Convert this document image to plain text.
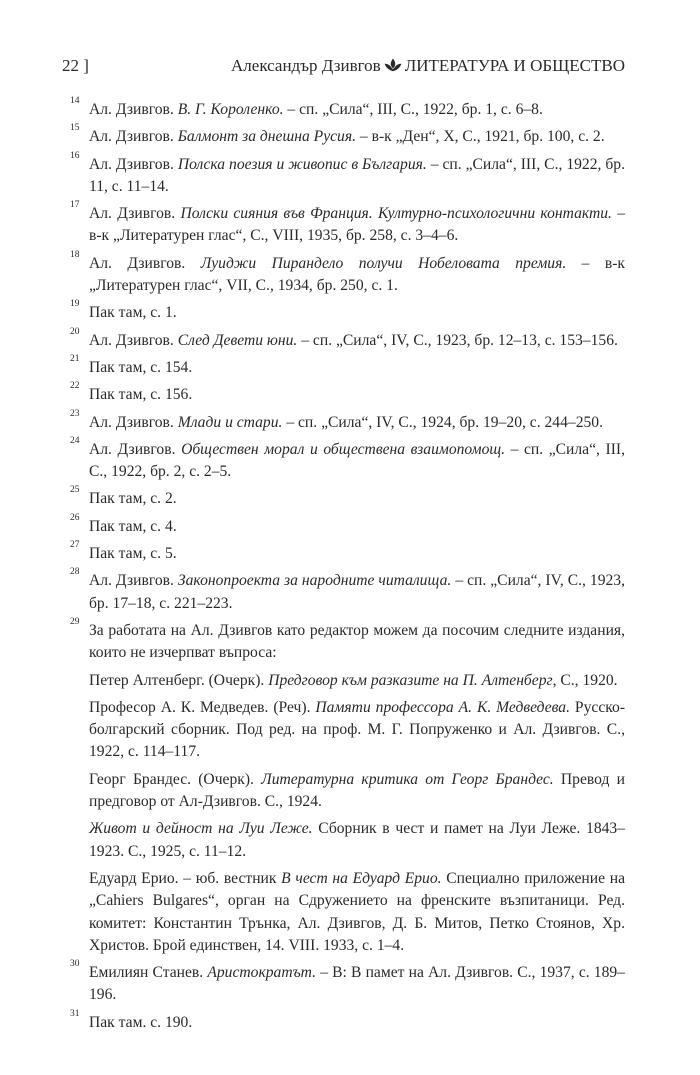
22 ]	Александър Дзивгов ЛИТЕРАТУРА И ОБЩЕСТВО
14 Ал. Дзивгов. В. Г. Короленко. – сп. „Сила“, III, С., 1922, бр. 1, с. 6–8.

15 Ал. Дзивгов. Балмонт за днешна Русия. – в-к „Ден“, X, С., 1921, бр. 100, с. 2.

16 Ал. Дзивгов. Полска поезия и живопис в България. – сп. „Сила“, III, С., 1922, бр. 11, с. 11–14.

17 Ал. Дзивгов. Полски сияния във Франция. Културно-психологични контакти. – в-к „Литературен глас“, С., VIII, 1935, бр. 258, с. 3–4–6.

18 Ал. Дзивгов. Луиджи Пирандело получи Нобеловата премия. – в-к „Литературен глас“, VII, С., 1934, бр. 250, с. 1.

19 Пак там, с. 1.

20 Ал. Дзивгов. След Девети юни. – сп. „Сила“, IV, С., 1923, бр. 12–13, с. 153–156.

21 Пак там, с. 154.

22 Пак там, с. 156.

23 Ал. Дзивгов. Млади и стари. – сп. „Сила“, IV, С., 1924, бр. 19–20, с. 244–250.

24 Ал. Дзивгов. Обществен морал и обществена взаимопомощ. – сп. „Сила“, III, С., 1922, бр. 2, с. 2–5.

25 Пак там, с. 2.

26 Пак там, с. 4.

27 Пак там, с. 5.

28 Ал. Дзивгов. Законопроекта за народните читалища. – сп. „Сила“, IV, С., 1923, бр. 17–18, с. 221–223.

29 За работата на Ал. Дзивгов като редактор можем да посочим следните издания, които не изчерпват въпроса:

Петер Алтенберг. (Очерк). Предговор към разказите на П. Алтенберг, С., 1920.

Професор А. К. Медведев. (Реч). Памяти профессора А. К. Медведева. Русско-болгарский сборник. Под ред. на проф. М. Г. Попруженко и Ал. Дзивгов. С., 1922, с. 114–117.

Георг Брандес. (Очерк). Литературна критика от Георг Брандес. Превод и предговор от Ал-Дзивгов. С., 1924.

Живот и дейност на Луи Леже. Сборник в чест и памет на Луи Леже. 1843–1923. С., 1925, с. 11–12.

Едуард Ерио. – юб. вестник В чест на Едуард Ерио. Специално приложение на „Cahiers Bulgares“, орган на Сдружението на френските възпитаници. Ред. комитет: Константин Трънка, Ал. Дзивгов, Д. Б. Митов, Петко Стоянов, Хр. Христов. Брой единствен, 14. VIII. 1933, с. 1–4.

30 Емилиян Станев. Аристократът. – В: В памет на Ал. Дзивгов. С., 1937, с. 189–196.

31 Пак там. с. 190.
